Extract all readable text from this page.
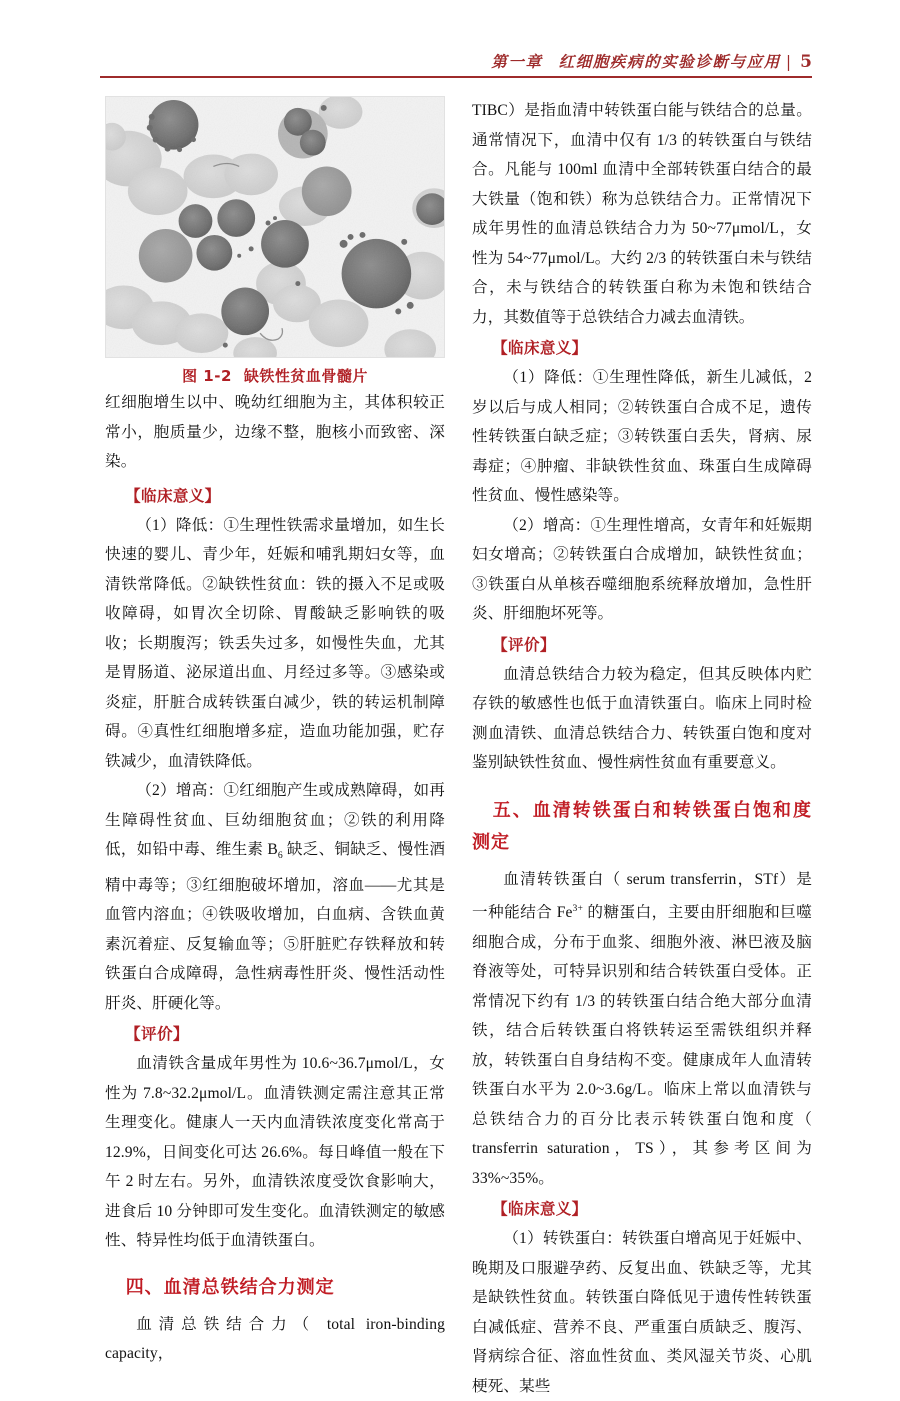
第一章 红细胞疾病的实验诊断与应用 | 5
图 1-2 缺铁性贫血骨髓片

红细胞增生以中、晚幼红细胞为主，其体积较正常小，胞质量少，边缘不整，胞核小而致密、深染。

【临床意义】

（1）降低：①生理性铁需求量增加，如生长快速的婴儿、青少年，妊娠和哺乳期妇女等，血清铁常降低。②缺铁性贫血：铁的摄入不足或吸收障碍，如胃次全切除、胃酸缺乏影响铁的吸收；长期腹泻；铁丢失过多，如慢性失血，尤其是胃肠道、泌尿道出血、月经过多等。③感染或炎症，肝脏合成转铁蛋白减少，铁的转运机制障碍。④真性红细胞增多症，造血功能加强，贮存铁减少，血清铁降低。

（2）增高：①红细胞产生或成熟障碍，如再生障碍性贫血、巨幼细胞贫血；②铁的利用降低，如铅中毒、维生素 $B_6$ 缺乏、铜缺乏、慢性酒精中毒等；③红细胞破坏增加，溶血——尤其是血管内溶血；④铁吸收增加，白血病、含铁血黄素沉着症、反复输血等；⑤肝脏贮存铁释放和转铁蛋白合成障碍，急性病毒性肝炎、慢性活动性肝炎、肝硬化等。

【评价】

血清铁含量成年男性为 10.6~36.7μmol/L，女性为 7.8~32.2μmol/L。血清铁测定需注意其正常生理变化。健康人一天内血清铁浓度变化常高于 12.9%，日间变化可达 26.6%。每日峰值一般在下午 2 时左右。另外，血清铁浓度受饮食影响大，进食后 10 分钟即可发生变化。血清铁测定的敏感性、特异性均低于血清铁蛋白。

四、血清总铁结合力测定

血清总铁结合力（ total iron-binding capacity，

TIBC）是指血清中转铁蛋白能与铁结合的总量。通常情况下，血清中仅有 1/3 的转铁蛋白与铁结合。凡能与 100ml 血清中全部转铁蛋白结合的最大铁量（饱和铁）称为总铁结合力。正常情况下成年男性的血清总铁结合力为 50~77μmol/L，女性为 54~77μmol/L。大约 2/3 的转铁蛋白未与铁结合，未与铁结合的转铁蛋白称为未饱和铁结合力，其数值等于总铁结合力减去血清铁。

【临床意义】

（1）降低：①生理性降低，新生儿减低，2 岁以后与成人相同；②转铁蛋白合成不足，遗传性转铁蛋白缺乏症；③转铁蛋白丢失，肾病、尿毒症；④肿瘤、非缺铁性贫血、珠蛋白生成障碍性贫血、慢性感染等。

（2）增高：①生理性增高，女青年和妊娠期妇女增高；②转铁蛋白合成增加，缺铁性贫血；③铁蛋白从单核吞噬细胞系统释放增加，急性肝炎、肝细胞坏死等。

【评价】

血清总铁结合力较为稳定，但其反映体内贮存铁的敏感性也低于血清铁蛋白。临床上同时检测血清铁、血清总铁结合力、转铁蛋白饱和度对鉴别缺铁性贫血、慢性病性贫血有重要意义。

五、血清转铁蛋白和转铁蛋白饱和度测定

血清转铁蛋白（ serum transferrin，STf）是一种能结合 $Fe^{3+}$ 的糖蛋白，主要由肝细胞和巨噬细胞合成，分布于血浆、细胞外液、淋巴液及脑脊液等处，可特异识别和结合转铁蛋白受体。正常情况下约有 1/3 的转铁蛋白结合绝大部分血清铁，结合后转铁蛋白将铁转运至需铁组织并释放，转铁蛋白自身结构不变。健康成年人血清转铁蛋白水平为 2.0~3.6g/L。临床上常以血清铁与总铁结合力的百分比表示转铁蛋白饱和度（ transferrin saturation，TS），其参考区间为 33%~35%。

【临床意义】

（1）转铁蛋白：转铁蛋白增高见于妊娠中、晚期及口服避孕药、反复出血、铁缺乏等，尤其是缺铁性贫血。转铁蛋白降低见于遗传性转铁蛋白减低症、营养不良、严重蛋白质缺乏、腹泻、肾病综合征、溶血性贫血、类风湿关节炎、心肌梗死、某些
